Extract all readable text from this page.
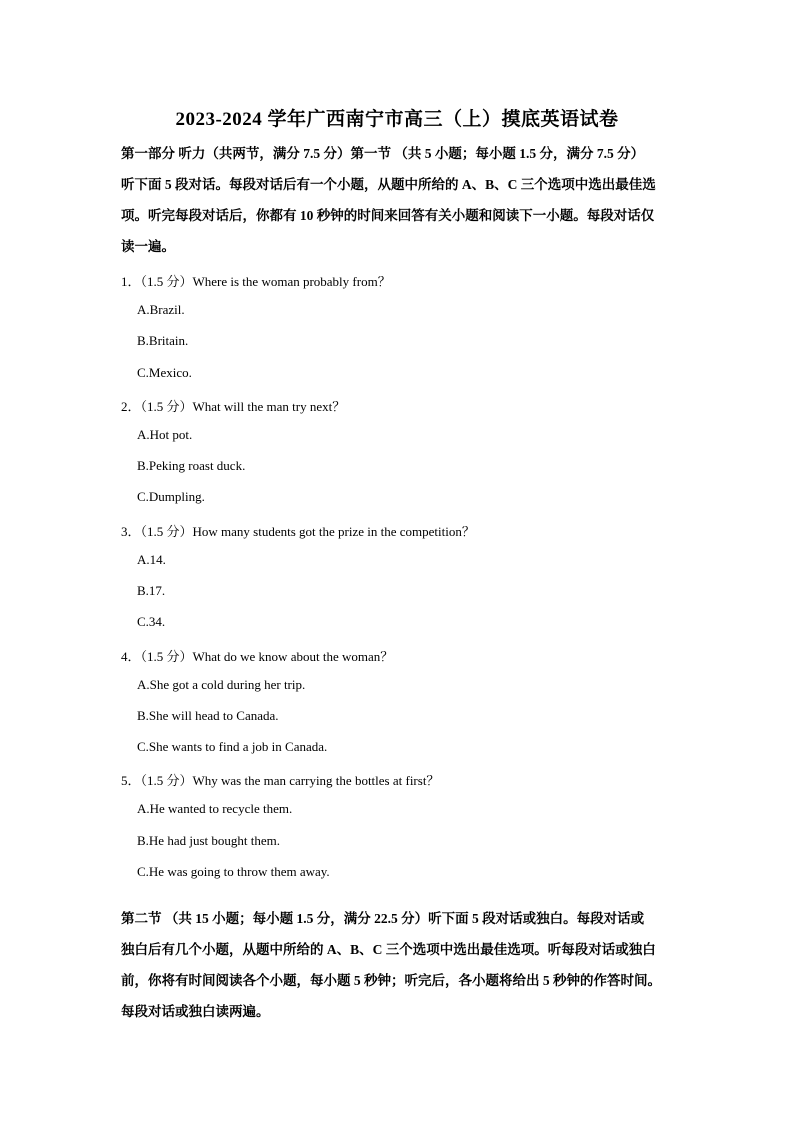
2023-2024 学年广西南宁市高三（上）摸底英语试卷
第一部分 听力（共两节，满分 7.5 分）第一节 （共 5 小题；每小题 1.5 分，满分 7.5 分）
听下面 5 段对话。每段对话后有一个小题，从题中所给的 A、B、C 三个选项中选出最佳选
项。听完每段对话后，你都有 10 秒钟的时间来回答有关小题和阅读下一小题。每段对话仅
读一遍。
1．（1.5 分）Where is the woman probably from？
A.Brazil.
B.Britain.
C.Mexico.
2．（1.5 分）What will the man try next？
A.Hot pot.
B.Peking roast duck.
C.Dumpling.
3．（1.5 分）How many students got the prize in the competition？
A.14.
B.17.
C.34.
4．（1.5 分）What do we know about the woman？
A.She got a cold during her trip.
B.She will head to Canada.
C.She wants to find a job in Canada.
5．（1.5 分）Why was the man carrying the bottles at first？
A.He wanted to recycle them.
B.He had just bought them.
C.He was going to throw them away.
第二节 （共 15 小题；每小题 1.5 分，满分 22.5 分）听下面 5 段对话或独白。每段对话或
独白后有几个小题，从题中所给的 A、B、C 三个选项中选出最佳选项。听每段对话或独白
前，你将有时间阅读各个小题，每小题 5 秒钟；听完后，各小题将给出 5 秒钟的作答时间。
每段对话或独白读两遍。
